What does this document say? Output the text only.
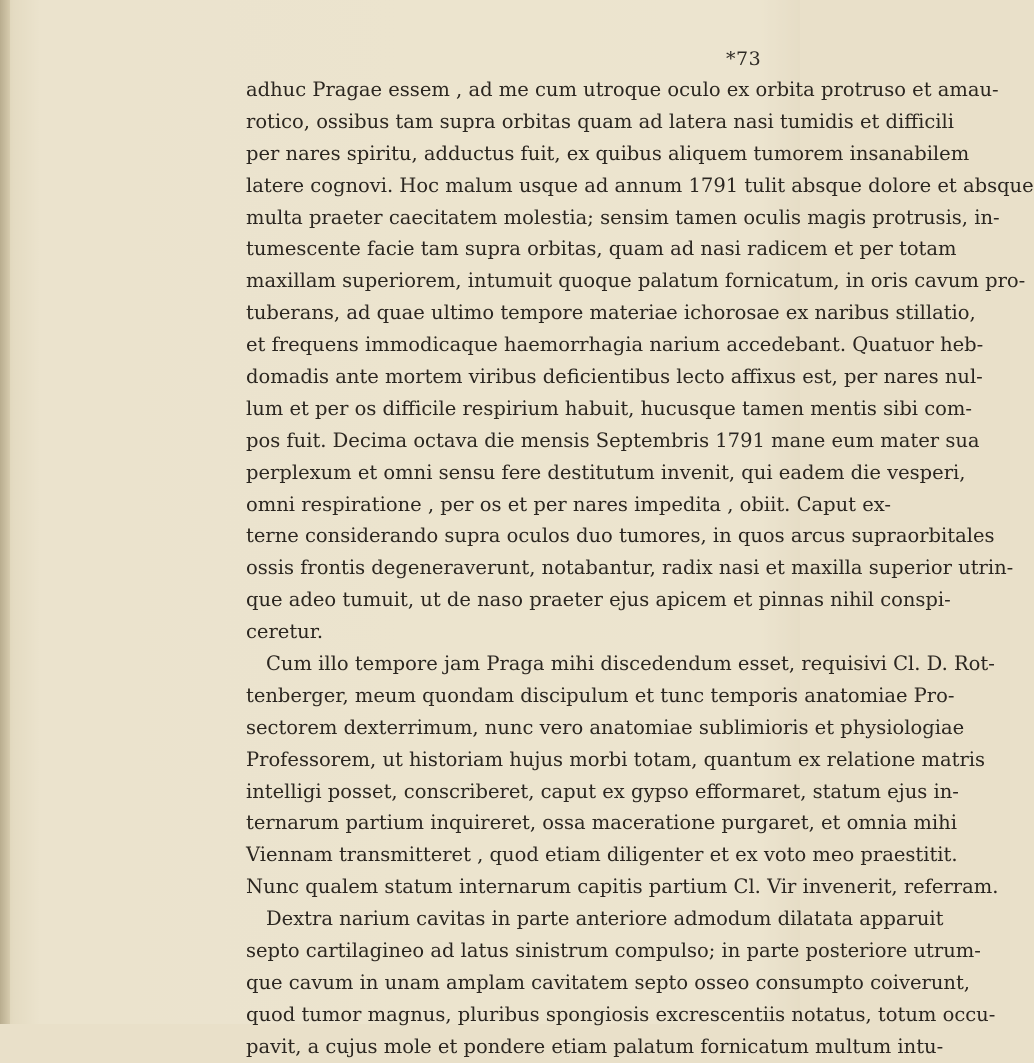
*73
adhuc Pragae essem , ad me cum utroque oculo ex orbita protruso et amau-
rotico, ossibus tam supra orbitas quam ad latera nasi tumidis et difficili
per nares spiritu, adductus fuit, ex quibus aliquem tumorem insanabilem
latere cognovi. Hoc malum usque ad annum 1791 tulit absque dolore et absque
multa praeter caecitatem molestia; sensim tamen oculis magis protrusis, in-
tumescente facie tam supra orbitas, quam ad nasi radicem et per totam
maxillam superiorem, intumuit quoque palatum fornicatum, in oris cavum pro-
tuberans, ad quae ultimo tempore materiae ichorosae ex naribus stillatio,
et frequens immodicaque haemorrhagia narium accedebant. Quatuor heb-
domadis ante mortem viribus deficientibus lecto affixus est, per nares nul-
lum et per os difficile respirium habuit, hucusque tamen mentis sibi com-
pos fuit. Decima octava die mensis Septembris 1791 mane eum mater sua
perplexum et omni sensu fere destitutum invenit, qui eadem die vesperi,
omni respiratione , per os et per nares impedita , obiit. Caput ex-
terne considerando supra oculos duo tumores, in quos arcus supraorbitales
ossis frontis degeneraverunt, notabantur, radix nasi et maxilla superior utrin-
que adeo tumuit, ut de naso praeter ejus apicem et pinnas nihil conspi-
ceretur.
Cum illo tempore jam Praga mihi discedendum esset, requisivi Cl. D. Rot-
tenberger, meum quondam discipulum et tunc temporis anatomiae Pro-
sectorem dexterrimum, nunc vero anatomiae sublimioris et physiologiae
Professorem, ut historiam hujus morbi totam, quantum ex relatione matris
intelligi posset, conscriberet, caput ex gypso efformaret, statum ejus in-
ternarum partium inquireret, ossa maceratione purgaret, et omnia mihi
Viennam transmitteret , quod etiam diligenter et ex voto meo praestitit.
Nunc qualem statum internarum capitis partium Cl. Vir invenerit, referram.
Dextra narium cavitas in parte anteriore admodum dilatata apparuit
septo cartilagineo ad latus sinistrum compulso; in parte posteriore utrum-
que cavum in unam amplam cavitatem septo osseo consumpto coiverunt,
quod tumor magnus, pluribus spongiosis excrescentiis notatus, totum occu-
pavit, a cujus mole et pondere etiam palatum fornicatum multum intu-
